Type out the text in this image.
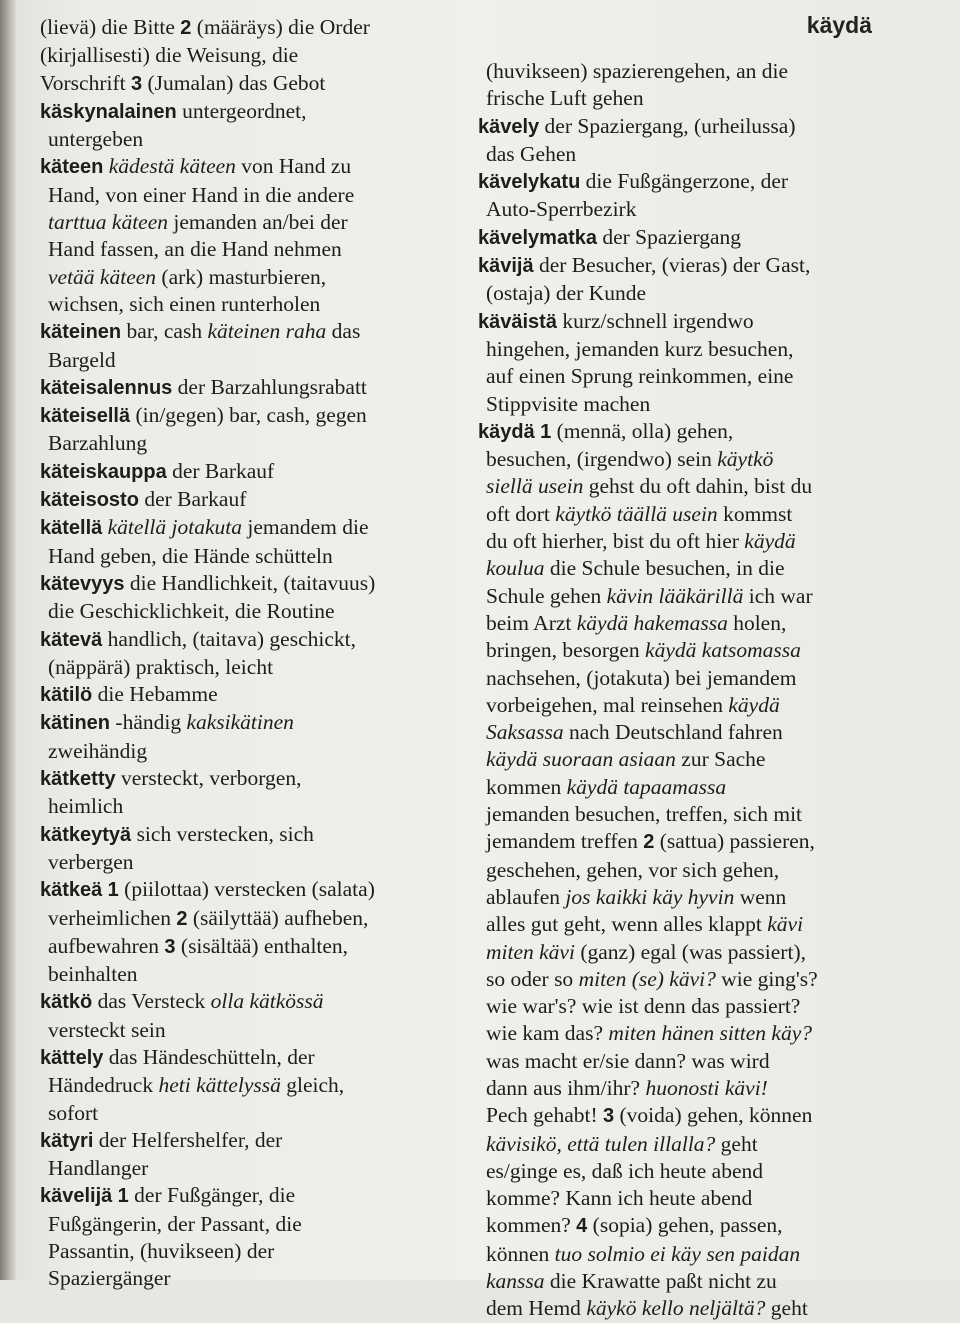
käydä
(lievä) die Bitte 2 (määräys) die Order
(kirjallisesti) die Weisung, die
Vorschrift 3 (Jumalan) das Gebot
käskynalainen untergeordnet,
untergeben
käteen kädestä käteen von Hand zu
Hand, von einer Hand in die andere
tarttua käteen jemanden an/bei der
Hand fassen, an die Hand nehmen
vetää käteen (ark) masturbieren,
wichsen, sich einen runterholen
käteinen bar, cash käteinen raha das
Bargeld
käteisalennus der Barzahlungsrabatt
käteisellä (in/gegen) bar, cash, gegen
Barzahlung
käteiskauppa der Barkauf
käteisosto der Barkauf
kätellä kätellä jotakuta jemandem die
Hand geben, die Hände schütteln
kätevyys die Handlichkeit, (taitavuus)
die Geschicklichkeit, die Routine
kätevä handlich, (taitava) geschickt,
(näppärä) praktisch, leicht
kätilö die Hebamme
kätinen -händig kaksikätinen
zweihändig
kätketty versteckt, verborgen,
heimlich
kätkeytyä sich verstecken, sich
verbergen
kätkeä 1 (piilottaa) verstecken (salata)
verheimlichen 2 (säilyttää) aufheben,
aufbewahren 3 (sisältää) enthalten,
beinhalten
kätkö das Versteck olla kätkössä
versteckt sein
kättely das Händeschütteln, der
Händedruck heti kättelyssä gleich,
sofort
kätyri der Helfershelfer, der
Handlanger
kävelijä 1 der Fußgänger, die
Fußgängerin, der Passant, die
Passantin, (huvikseen) der
Spaziergänger
(huvikseen) spazierengehen, an die
frische Luft gehen
kävely der Spaziergang, (urheilussa)
das Gehen
kävelykatu die Fußgängerzone, der
Auto-Sperrbezirk
kävelymatka der Spaziergang
kävijä der Besucher, (vieras) der Gast,
(ostaja) der Kunde
käväistä kurz/schnell irgendwo
hingehen, jemanden kurz besuchen,
auf einen Sprung reinkommen, eine
Stippvisite machen
käydä 1 (mennä, olla) gehen,
besuchen, (irgendwo) sein käytkö
siellä usein gehst du oft dahin, bist du
oft dort käytkö täällä usein kommst
du oft hierher, bist du oft hier käydä
koulua die Schule besuchen, in die
Schule gehen kävin lääkärillä ich war
beim Arzt käydä hakemassa holen,
bringen, besorgen käydä katsomassa
nachsehen, (jotakuta) bei jemandem
vorbeigehen, mal reinsehen käydä
Saksassa nach Deutschland fahren
käydä suoraan asiaan zur Sache
kommen käydä tapaamassa
jemanden besuchen, treffen, sich mit
jemandem treffen 2 (sattua) passieren,
geschehen, gehen, vor sich gehen,
ablaufen jos kaikki käy hyvin wenn
alles gut geht, wenn alles klappt kävi
miten kävi (ganz) egal (was passiert),
so oder so miten (se) kävi? wie ging's?
wie war's? wie ist denn das passiert?
wie kam das? miten hänen sitten käy?
was macht er/sie dann? was wird
dann aus ihm/ihr? huonosti kävi!
Pech gehabt! 3 (voida) gehen, können
kävisikö, että tulen illalla? geht
es/ginge es, daß ich heute abend
komme? Kann ich heute abend
kommen? 4 (sopia) gehen, passen,
können tuo solmio ei käy sen paidan
kanssa die Krawatte paßt nicht zu
dem Hemd käykö kello neljältä? geht
